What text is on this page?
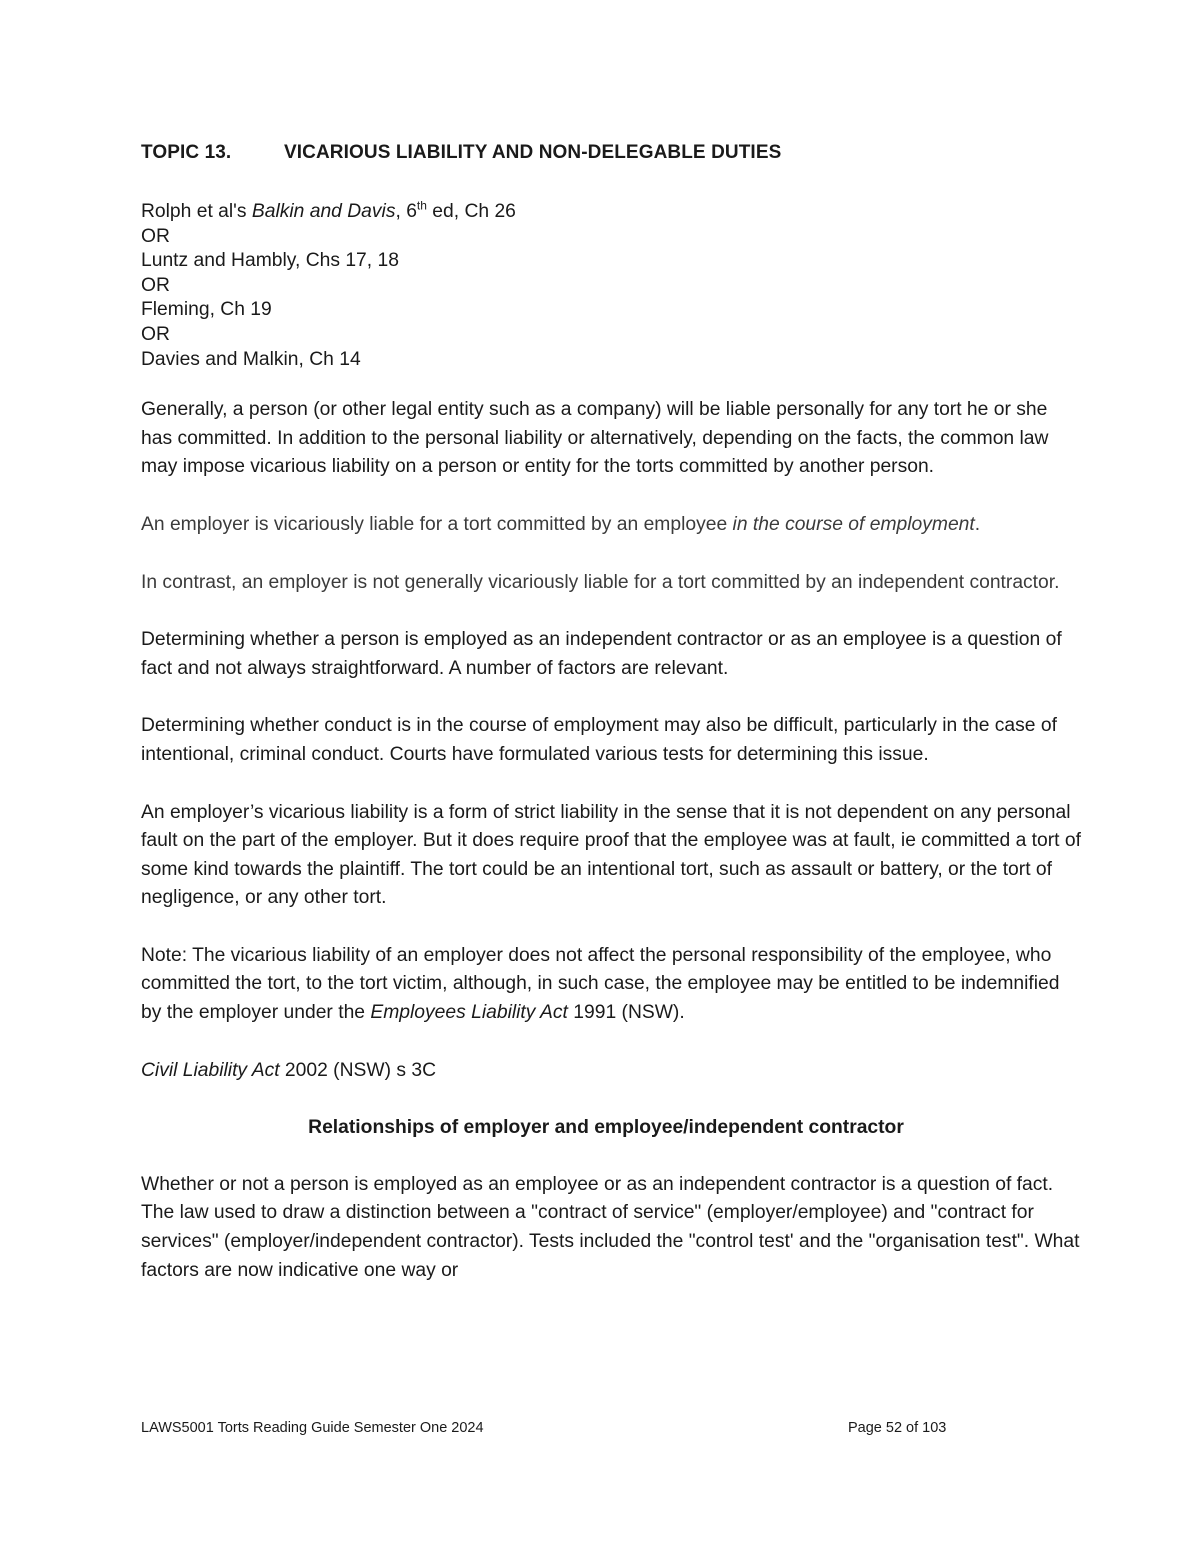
TOPIC 13.	VICARIOUS LIABILITY AND NON-DELEGABLE DUTIES
Rolph et al's Balkin and Davis, 6th ed, Ch 26
OR
Luntz and Hambly, Chs 17, 18
OR
Fleming, Ch 19
OR
Davies and Malkin, Ch 14

Generally, a person (or other legal entity such as a company) will be liable personally for any tort he or she has committed. In addition to the personal liability or alternatively, depending on the facts, the common law may impose vicarious liability on a person or entity for the torts committed by another person.

An employer is vicariously liable for a tort committed by an employee in the course of employment.

In contrast, an employer is not generally vicariously liable for a tort committed by an independent contractor.

Determining whether a person is employed as an independent contractor or as an employee is a question of fact and not always straightforward. A number of factors are relevant.

Determining whether conduct is in the course of employment may also be difficult, particularly in the case of intentional, criminal conduct. Courts have formulated various tests for determining this issue.

An employer’s vicarious liability is a form of strict liability in the sense that it is not dependent on any personal fault on the part of the employer. But it does require proof that the employee was at fault, ie committed a tort of some kind towards the plaintiff. The tort could be an intentional tort, such as assault or battery, or the tort of negligence, or any other tort.

Note: The vicarious liability of an employer does not affect the personal responsibility of the employee, who committed the tort, to the tort victim, although, in such case, the employee may be entitled to be indemnified by the employer under the Employees Liability Act 1991 (NSW).

Civil Liability Act 2002 (NSW) s 3C

Relationships of employer and employee/independent contractor

Whether or not a person is employed as an employee or as an independent contractor is a question of fact. The law used to draw a distinction between a "contract of service" (employer/employee) and "contract for services" (employer/independent contractor). Tests included the "control test' and the "organisation test". What factors are now indicative one way or

LAWS5001 Torts Reading Guide Semester One 2024	Page 52 of 103
